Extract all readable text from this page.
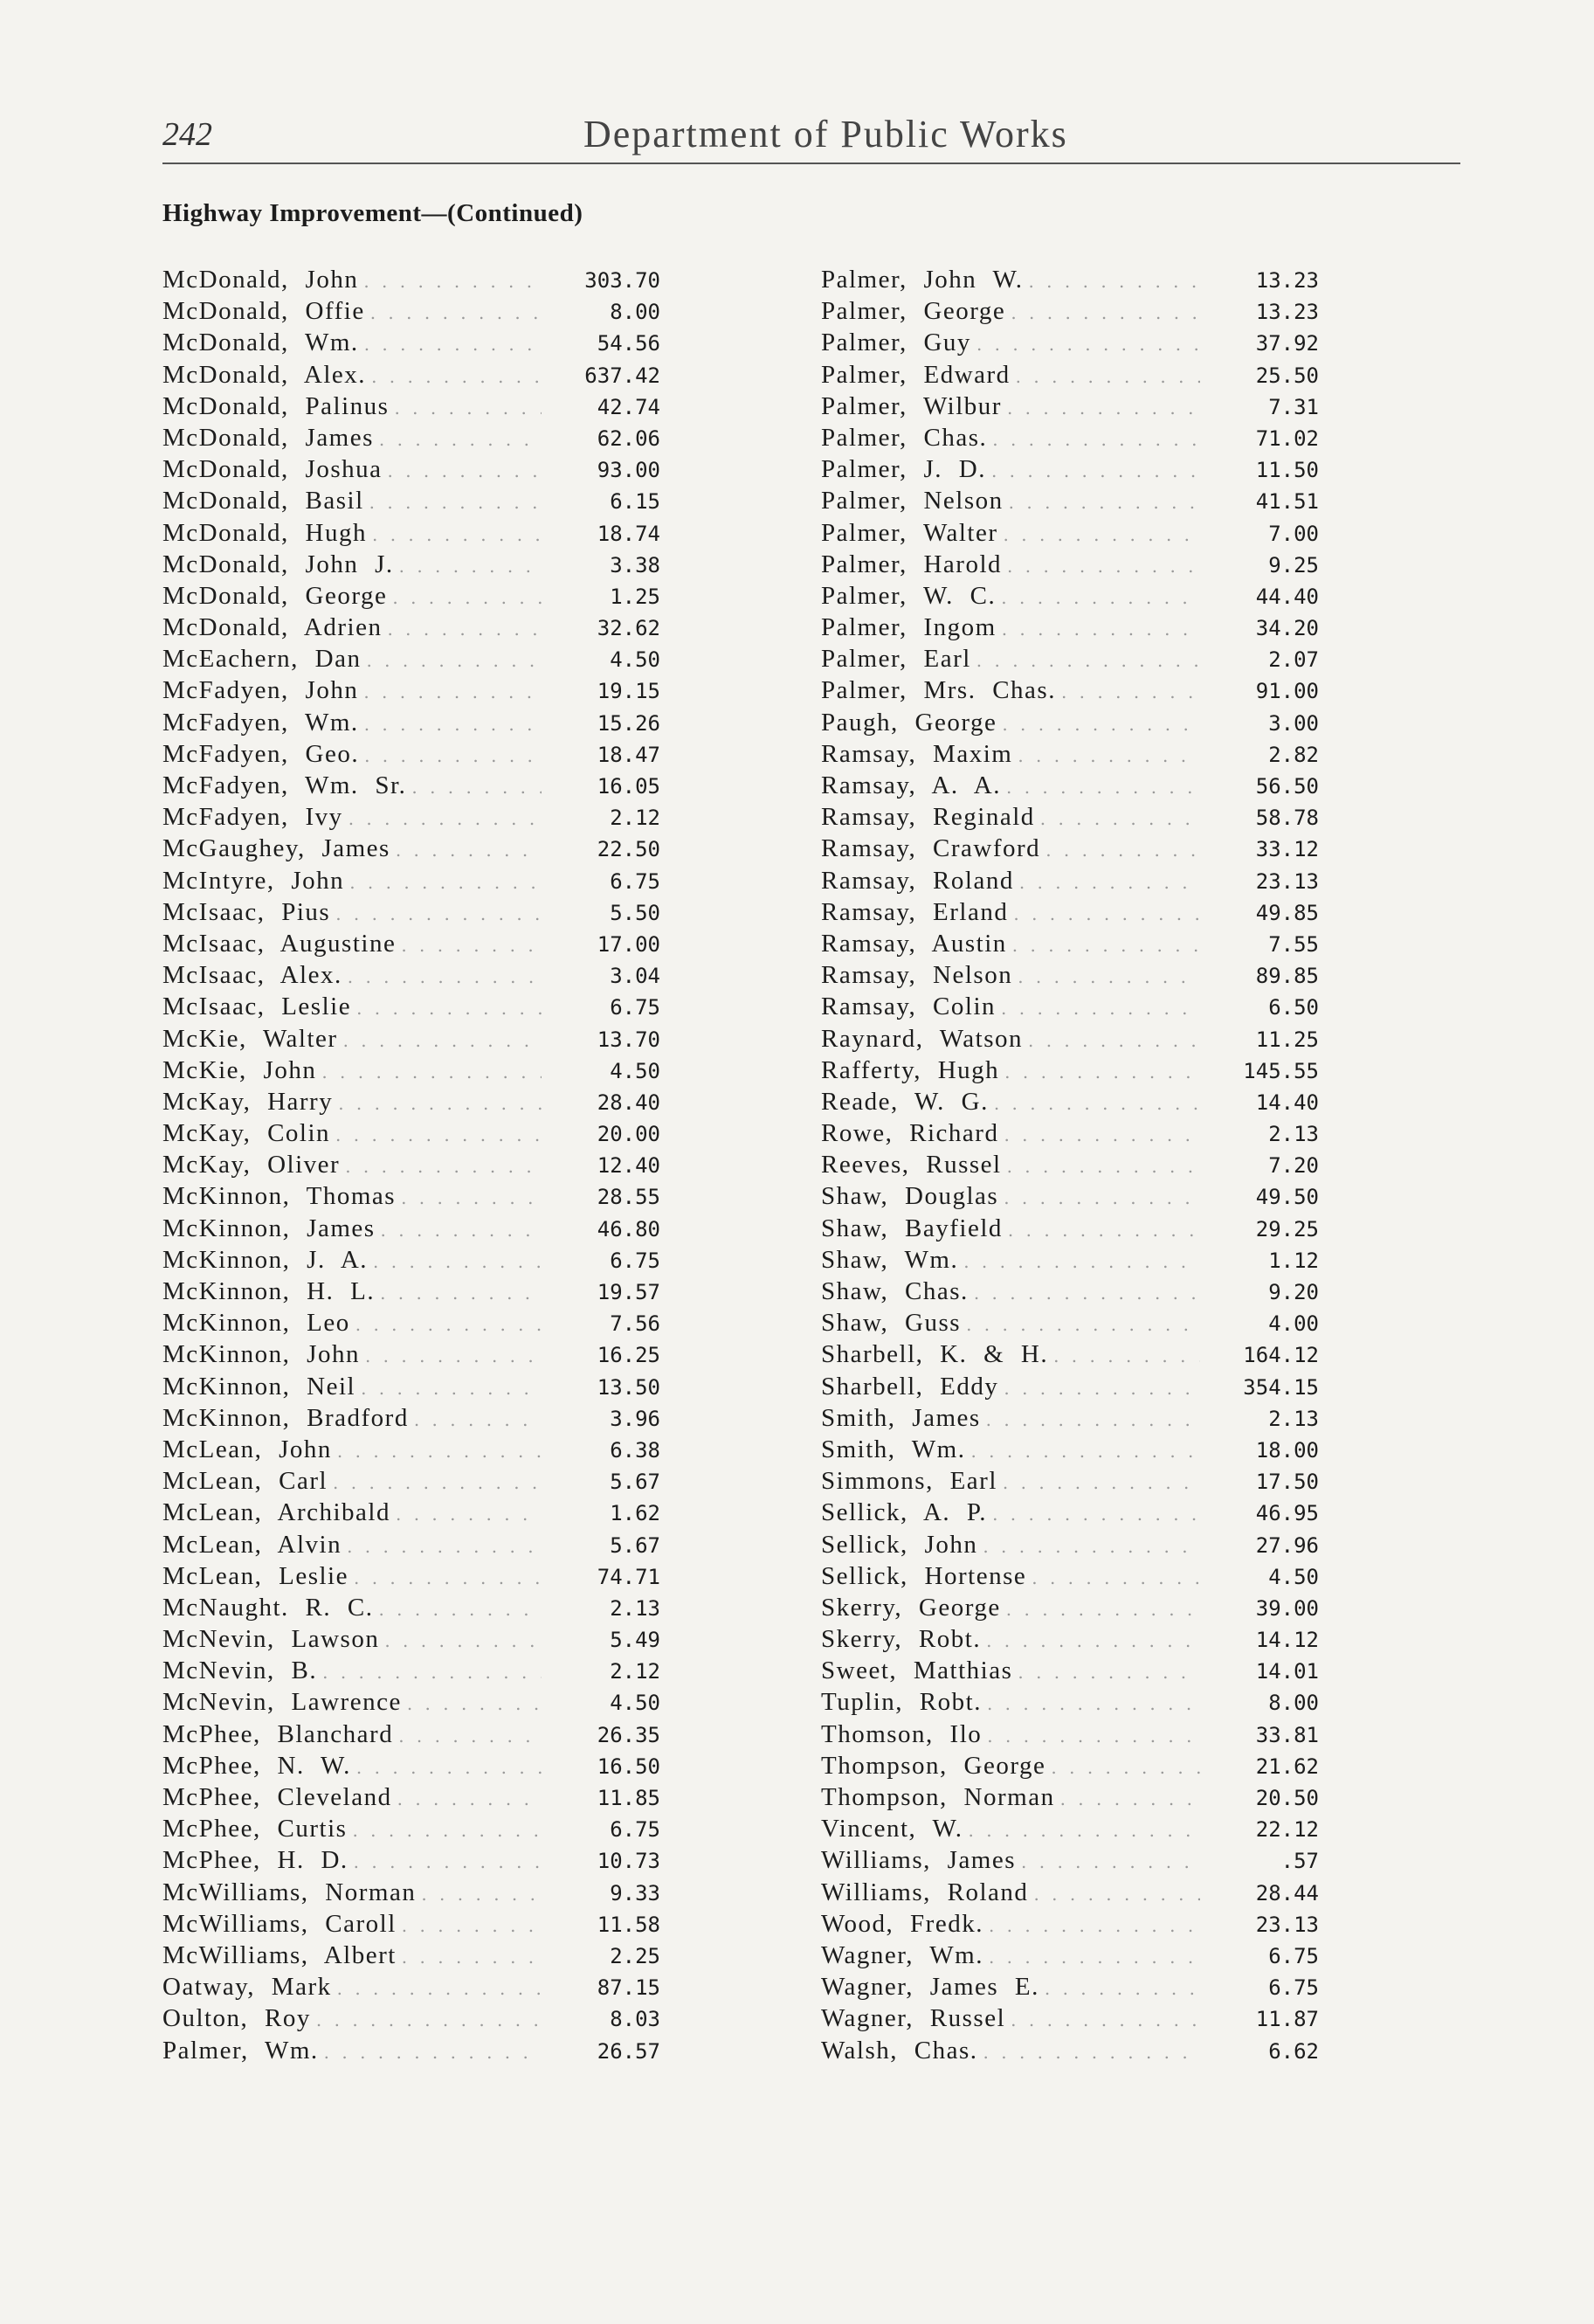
242	Department of Public Works
Highway Improvement—(Continued)
McDonald, John . . .	303.70
McDonald, Offie . . .	8.00
McDonald, Wm. . . .	54.56
McDonald, Alex. . . .	637.42
McDonald, Palinus . . .	42.74
McDonald, James . . .	62.06
McDonald, Joshua . . .	93.00
McDonald, Basil . . .	6.15
McDonald, Hugh . . .	18.74
McDonald, John J. . . .	3.38
McDonald, George . . .	1.25
McDonald, Adrien . . .	32.62
McEachern, Dan . . .	4.50
McFadyen, John . . .	19.15
McFadyen, Wm. . . .	15.26
McFadyen, Geo. . . .	18.47
McFadyen, Wm. Sr. . . .	16.05
McFadyen, Ivy . . .	2.12
McGaughey, James . . .	22.50
McIntyre, John . . .	6.75
McIsaac, Pius . . .	5.50
McIsaac, Augustine . . .	17.00
McIsaac, Alex. . . .	3.04
McIsaac, Leslie . . .	6.75
McKie, Walter . . .	13.70
McKie, John . . .	4.50
McKay, Harry . . .	28.40
McKay, Colin . . .	20.00
McKay, Oliver . . .	12.40
McKinnon, Thomas . . .	28.55
McKinnon, James . . .	46.80
McKinnon, J. A. . . .	6.75
McKinnon, H. L. . . .	19.57
McKinnon, Leo . . .	7.56
McKinnon, John . . .	16.25
McKinnon, Neil . . .	13.50
McKinnon, Bradford . . .	3.96
McLean, John . . .	6.38
McLean, Carl . . .	5.67
McLean, Archibald . . .	1.62
McLean, Alvin . . .	5.67
McLean, Leslie . . .	74.71
McNaught. R. C. . . .	2.13
McNevin, Lawson . . .	5.49
McNevin, B. . . .	2.12
McNevin, Lawrence . . .	4.50
McPhee, Blanchard . . .	26.35
McPhee, N. W. . . .	16.50
McPhee, Cleveland . . .	11.85
McPhee, Curtis . . .	6.75
McPhee, H. D. . . .	10.73
McWilliams, Norman . . .	9.33
McWilliams, Caroll . . .	11.58
McWilliams, Albert . . .	2.25
Oatway, Mark . . .	87.15
Oulton, Roy . . .	8.03
Palmer, Wm. . . .	26.57
Palmer, John W. . . .	13.23
Palmer, George . . .	13.23
Palmer, Guy . . .	37.92
Palmer, Edward . . .	25.50
Palmer, Wilbur . . .	7.31
Palmer, Chas. . . .	71.02
Palmer, J. D. . . .	11.50
Palmer, Nelson . . .	41.51
Palmer, Walter . . .	7.00
Palmer, Harold . . .	9.25
Palmer, W. C. . . .	44.40
Palmer, Ingom . . .	34.20
Palmer, Earl . . .	2.07
Palmer, Mrs. Chas. . . .	91.00
Paugh, George . . .	3.00
Ramsay, Maxim . . .	2.82
Ramsay, A. A. . . .	56.50
Ramsay, Reginald . . .	58.78
Ramsay, Crawford . . .	33.12
Ramsay, Roland . . .	23.13
Ramsay, Erland . . .	49.85
Ramsay, Austin . . .	7.55
Ramsay, Nelson . . .	89.85
Ramsay, Colin . . .	6.50
Raynard, Watson . . .	11.25
Rafferty, Hugh . . .	145.55
Reade, W. G. . . .	14.40
Rowe, Richard . . .	2.13
Reeves, Russel . . .	7.20
Shaw, Douglas . . .	49.50
Shaw, Bayfield . . .	29.25
Shaw, Wm. . . .	1.12
Shaw, Chas. . . .	9.20
Shaw, Guss . . .	4.00
Sharbell, K. & H. . . .	164.12
Sharbell, Eddy . . .	354.15
Smith, James . . .	2.13
Smith, Wm. . . .	18.00
Simmons, Earl . . .	17.50
Sellick, A. P. . . .	46.95
Sellick, John . . .	27.96
Sellick, Hortense . . .	4.50
Skerry, George . . .	39.00
Skerry, Robt. . . .	14.12
Sweet, Matthias . . .	14.01
Tuplin, Robt. . . .	8.00
Thomson, Ilo . . .	33.81
Thompson, George . . .	21.62
Thompson, Norman . . .	20.50
Vincent, W. . . .	22.12
Williams, James . . .	.57
Williams, Roland . . .	28.44
Wood, Fredk. . . .	23.13
Wagner, Wm. . . .	6.75
Wagner, James E. . . .	6.75
Wagner, Russel . . .	11.87
Walsh, Chas. . . .	6.62
